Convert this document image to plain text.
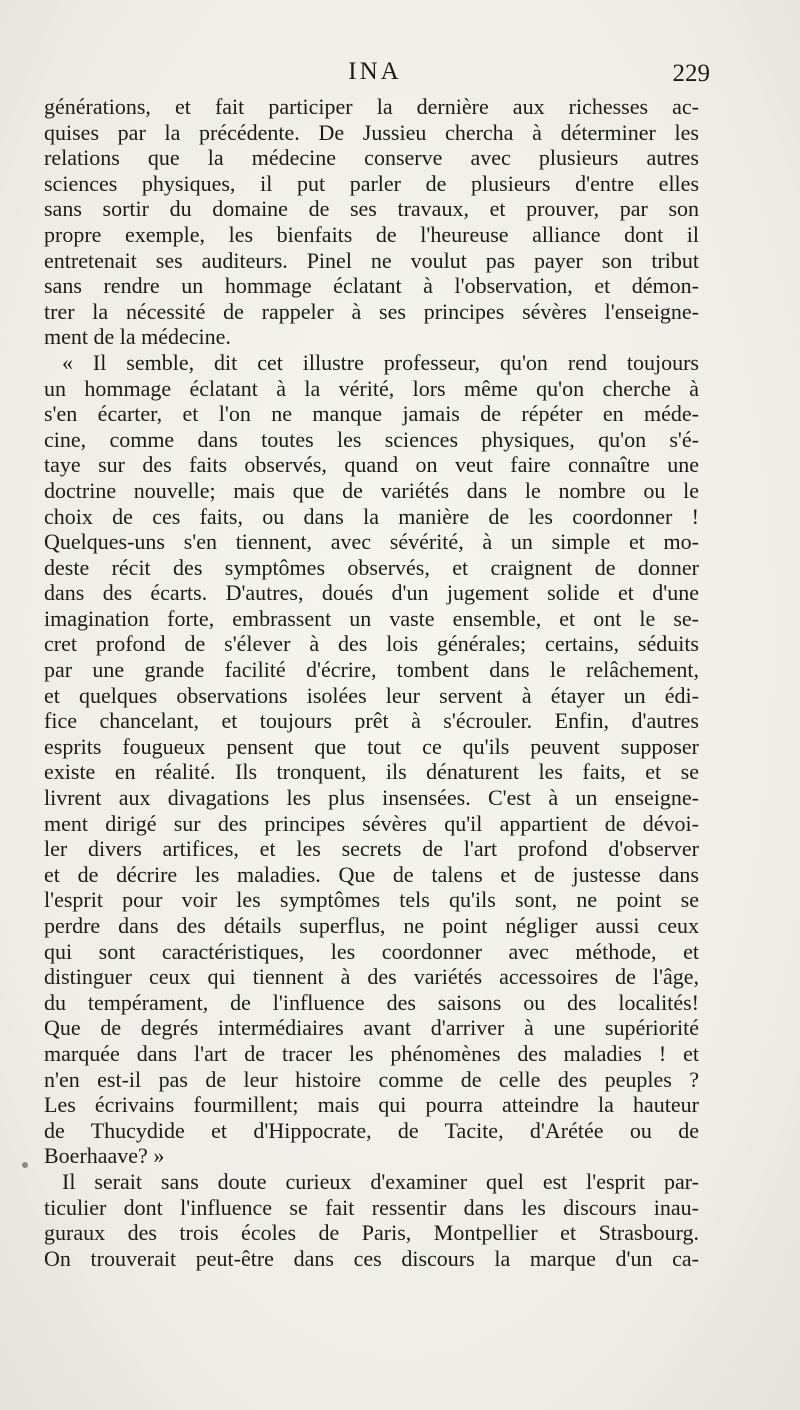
INA	229
générations, et fait participer la dernière aux richesses ac-
quises par la précédente. De Jussieu chercha à déterminer les
relations que la médecine conserve avec plusieurs autres
sciences physiques, il put parler de plusieurs d'entre elles
sans sortir du domaine de ses travaux, et prouver, par son
propre exemple, les bienfaits de l'heureuse alliance dont il
entretenait ses auditeurs. Pinel ne voulut pas payer son tribut
sans rendre un hommage éclatant à l'observation, et démon-
trer la nécessité de rappeler à ses principes sévères l'enseigne-
ment de la médecine.
« Il semble, dit cet illustre professeur, qu'on rend toujours
un hommage éclatant à la vérité, lors même qu'on cherche à
s'en écarter, et l'on ne manque jamais de répéter en méde-
cine, comme dans toutes les sciences physiques, qu'on s'é-
taye sur des faits observés, quand on veut faire connaître une
doctrine nouvelle; mais que de variétés dans le nombre ou le
choix de ces faits, ou dans la manière de les coordonner !
Quelques-uns s'en tiennent, avec sévérité, à un simple et mo-
deste récit des symptômes observés, et craignent de donner
dans des écarts. D'autres, doués d'un jugement solide et d'une
imagination forte, embrassent un vaste ensemble, et ont le se-
cret profond de s'élever à des lois générales; certains, séduits
par une grande facilité d'écrire, tombent dans le relâchement,
et quelques observations isolées leur servent à étayer un édi-
fice chancelant, et toujours prêt à s'écrouler. Enfin, d'autres
esprits fougueux pensent que tout ce qu'ils peuvent supposer
existe en réalité. Ils tronquent, ils dénaturent les faits, et se
livrent aux divagations les plus insensées. C'est à un enseigne-
ment dirigé sur des principes sévères qu'il appartient de dévoi-
ler divers artifices, et les secrets de l'art profond d'observer
et de décrire les maladies. Que de talens et de justesse dans
l'esprit pour voir les symptômes tels qu'ils sont, ne point se
perdre dans des détails superflus, ne point négliger aussi ceux
qui sont caractéristiques, les coordonner avec méthode, et
distinguer ceux qui tiennent à des variétés accessoires de l'âge,
du tempérament, de l'influence des saisons ou des localités!
Que de degrés intermédiaires avant d'arriver à une supériorité
marquée dans l'art de tracer les phénomènes des maladies ! et
n'en est-il pas de leur histoire comme de celle des peuples ?
Les écrivains fourmillent; mais qui pourra atteindre la hauteur
de Thucydide et d'Hippocrate, de Tacite, d'Arétée ou de
Boerhaave? »
Il serait sans doute curieux d'examiner quel est l'esprit par-
ticulier dont l'influence se fait ressentir dans les discours inau-
guraux des trois écoles de Paris, Montpellier et Strasbourg.
On trouverait peut-être dans ces discours la marque d'un ca-
